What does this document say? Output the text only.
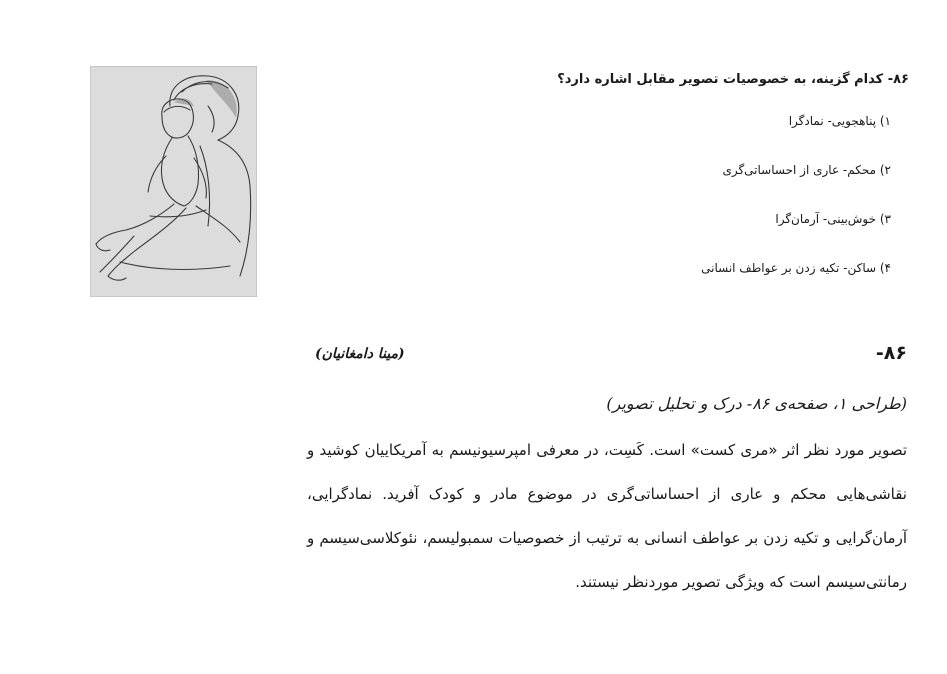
۸۶- کدام گزینه، به خصوصیات تصویر مقابل اشاره دارد؟

۱) پناهجویی- نمادگرا
۲) محکم- عاری از احساساتی‌گری
۳) خوش‌بینی- آرمان‌گرا
۴) ساکن- تکیه زدن بر عواطف انسانی
۸۶-
(مینا دامغانیان)
(طراحی ۱، صفحه‌ی ۸۶- درک و تحلیل تصویر)

تصویر مورد نظر اثر «مری کست» است. کَسِت، در معرفی امپرسیونیسم به آمریکاییان کوشید و نقاشی‌هایی محکم و عاری از احساساتی‌گری در موضوع مادر و کودک آفرید. نمادگرایی، آرمان‌گرایی و تکیه زدن بر عواطف انسانی به ترتیب از خصوصیات سمبولیسم، نئوکلاسی‌سیسم و رمانتی‌سیسم است که ویژگی تصویر موردنظر نیستند.
